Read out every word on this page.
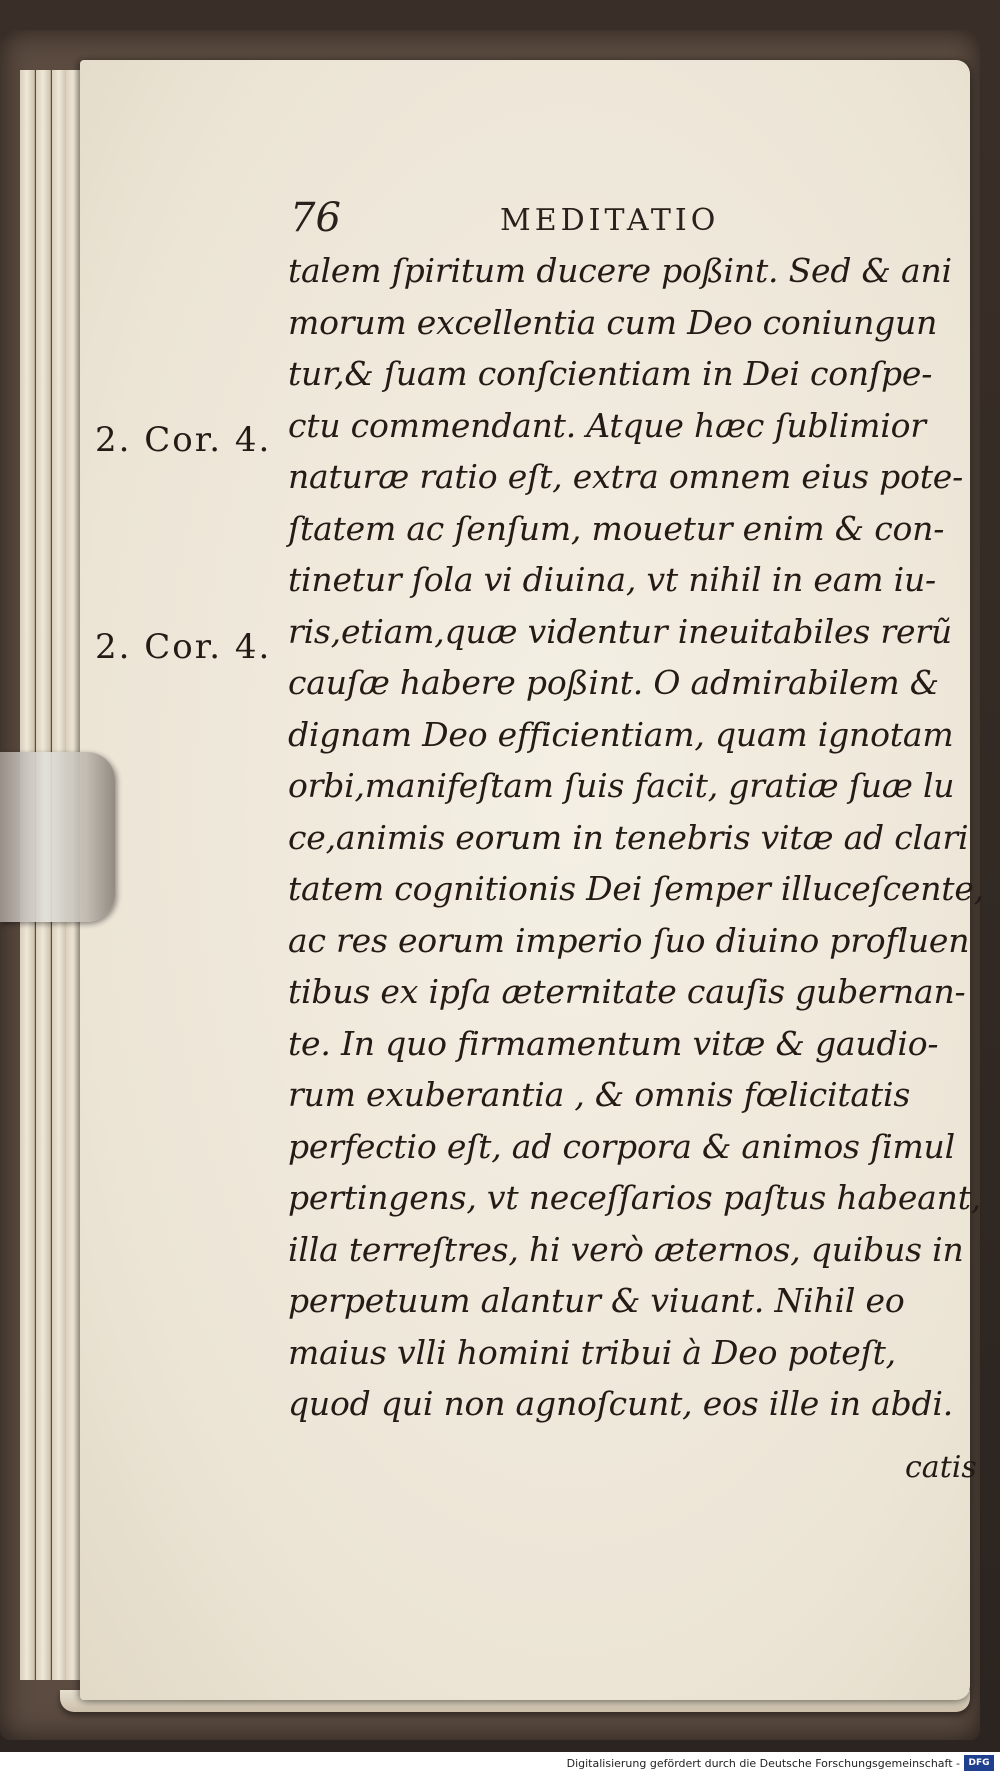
76	MEDITATIO
2. Cor. 4.
2. Cor. 4.
talem ſpiritum ducere poßint. Sed & ani
morum excellentia cum Deo coniungun
tur,& ſuam conſcientiam in Dei conſpe-
ctu commendant. Atque hæc ſublimior
naturæ ratio eſt, extra omnem eius pote-
ſtatem ac ſenſum, mouetur enim & con-
tinetur ſola vi diuina, vt nihil in eam iu-
ris,etiam,quæ videntur ineuitabiles rerũ
cauſæ habere poßint. O admirabilem &
dignam Deo efficientiam, quam ignotam
orbi,manifeſtam ſuis facit, gratiæ ſuæ lu
ce,animis eorum in tenebris vitæ ad clari
tatem cognitionis Dei ſemper illuceſcente,
ac res eorum imperio ſuo diuino profluen
tibus ex ipſa æternitate cauſis gubernan-
te. In quo firmamentum vitæ & gaudio-
rum exuberantia , & omnis fœlicitatis
perfectio eſt, ad corpora & animos ſimul
pertingens, vt neceſſarios paſtus habeant,
illa terreſtres, hi verò æternos, quibus in
perpetuum alantur & viuant. Nihil eo
maius vlli homini tribui à Deo poteſt,
quod qui non agnoſcunt, eos ille in abdi.
catis
Digitalisierung gefördert durch die Deutsche Forschungsgemeinschaft - DFG
